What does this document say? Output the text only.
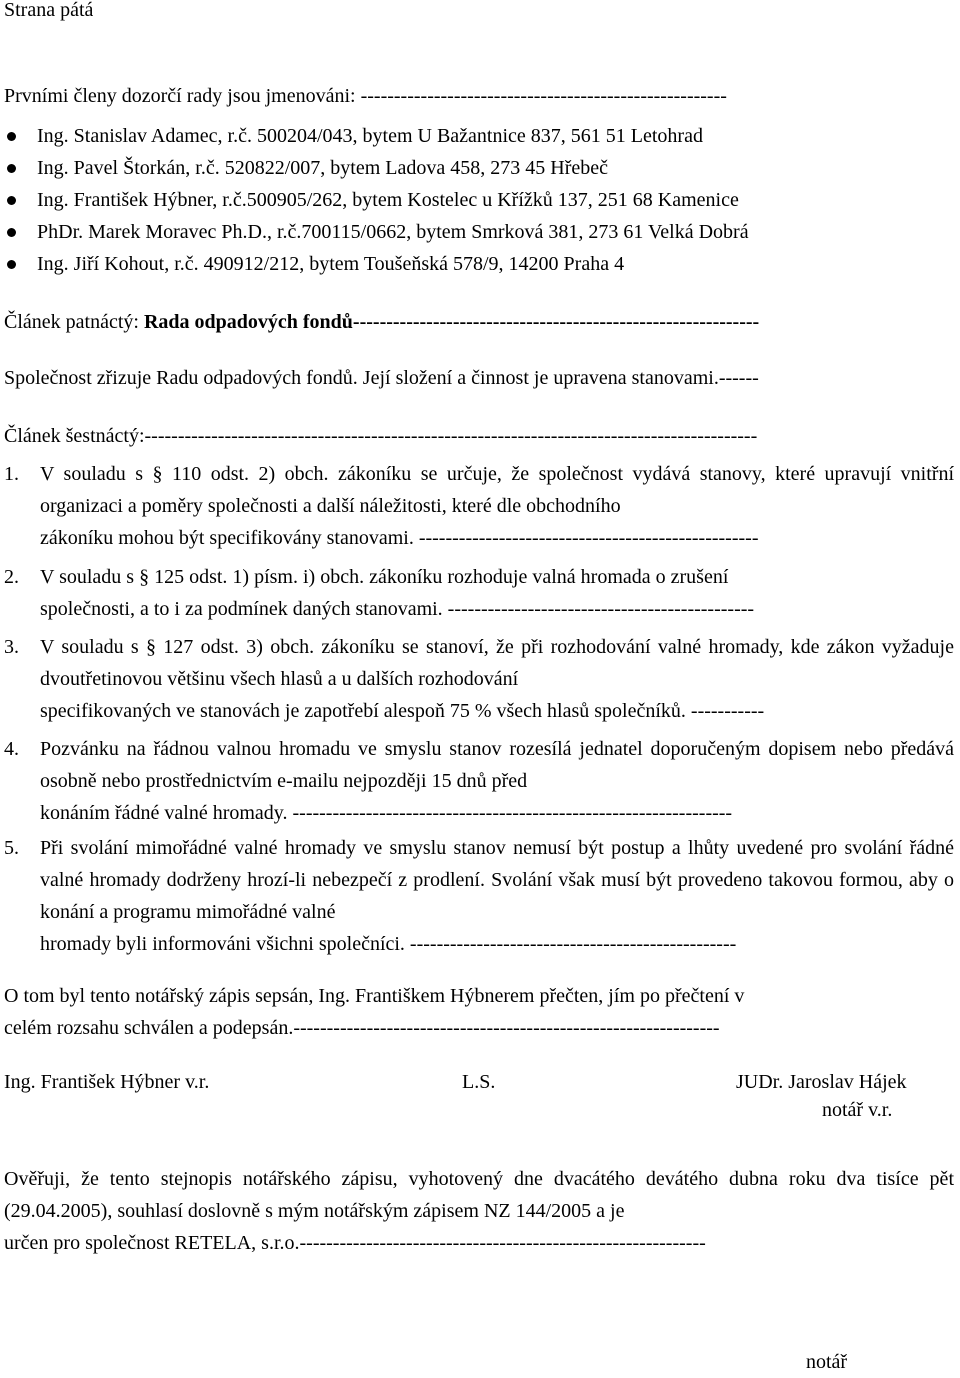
Strana pátá
Prvními členy dozorčí rady jsou jmenováni: -------------------------------------------------------
Ing. Stanislav Adamec, r.č. 500204/043, bytem U Bažantnice 837, 561 51 Letohrad
Ing. Pavel Štorkán, r.č. 520822/007, bytem Ladova 458, 273 45 Hřebeč
Ing. František Hýbner, r.č.500905/262, bytem Kostelec u Křížků 137, 251 68 Kamenice
PhDr. Marek Moravec Ph.D., r.č.700115/0662, bytem Smrková 381, 273 61 Velká Dobrá
Ing. Jiří Kohout, r.č. 490912/212, bytem Toušeňská 578/9, 14200 Praha 4
Článek patnáctý: Rada odpadových fondů-------------------------------------------------------------
Společnost zřizuje Radu odpadových fondů. Její složení a činnost je upravena stanovami.------
Článek šestnáctý:--------------------------------------------------------------------------------------------
1. V souladu s § 110 odst. 2) obch. zákoníku se určuje, že společnost vydává stanovy, které upravují vnitřní organizaci a poměry společnosti a další náležitosti, které dle obchodního
zákoníku mohou být specifikovány stanovami. ---------------------------------------------------
2. V souladu s § 125 odst. 1) písm. i) obch. zákoníku rozhoduje valná hromada o zrušení
společnosti, a to i za podmínek daných stanovami. ----------------------------------------------
3. V souladu s § 127 odst. 3) obch. zákoníku se stanoví, že při rozhodování valné hromady, kde zákon vyžaduje dvoutřetinovou většinu všech hlasů a u dalších rozhodování
specifikovaných ve stanovách je zapotřebí alespoň 75 % všech hlasů společníků. -----------
4. Pozvánku na řádnou valnou hromadu ve smyslu stanov rozesílá jednatel doporučeným dopisem nebo předává osobně nebo prostřednictvím e-mailu nejpozději 15 dnů před
konáním řádné valné hromady. ------------------------------------------------------------------
5. Při svolání mimořádné valné hromady ve smyslu stanov nemusí být postup a lhůty uvedené pro svolání řádné valné hromady dodrženy hrozí-li nebezpečí z prodlení. Svolání však musí být provedeno takovou formou, aby o konání a programu mimořádné valné
hromady byli informováni všichni společníci. -------------------------------------------------
O tom byl tento notářský zápis sepsán, Ing. Františkem Hýbnerem přečten, jím po přečtení v
celém rozsahu schválen a podepsán.----------------------------------------------------------------
Ing. František Hýbner v.r.	L.S.	JUDr. Jaroslav Hájek
notář v.r.
Ověřuji, že tento stejnopis notářského zápisu, vyhotovený dne dvacátého devátého dubna roku dva tisíce pět (29.04.2005), souhlasí doslovně s mým notářským zápisem NZ 144/2005 a je
určen pro společnost RETELA, s.r.o.-------------------------------------------------------------
notář
